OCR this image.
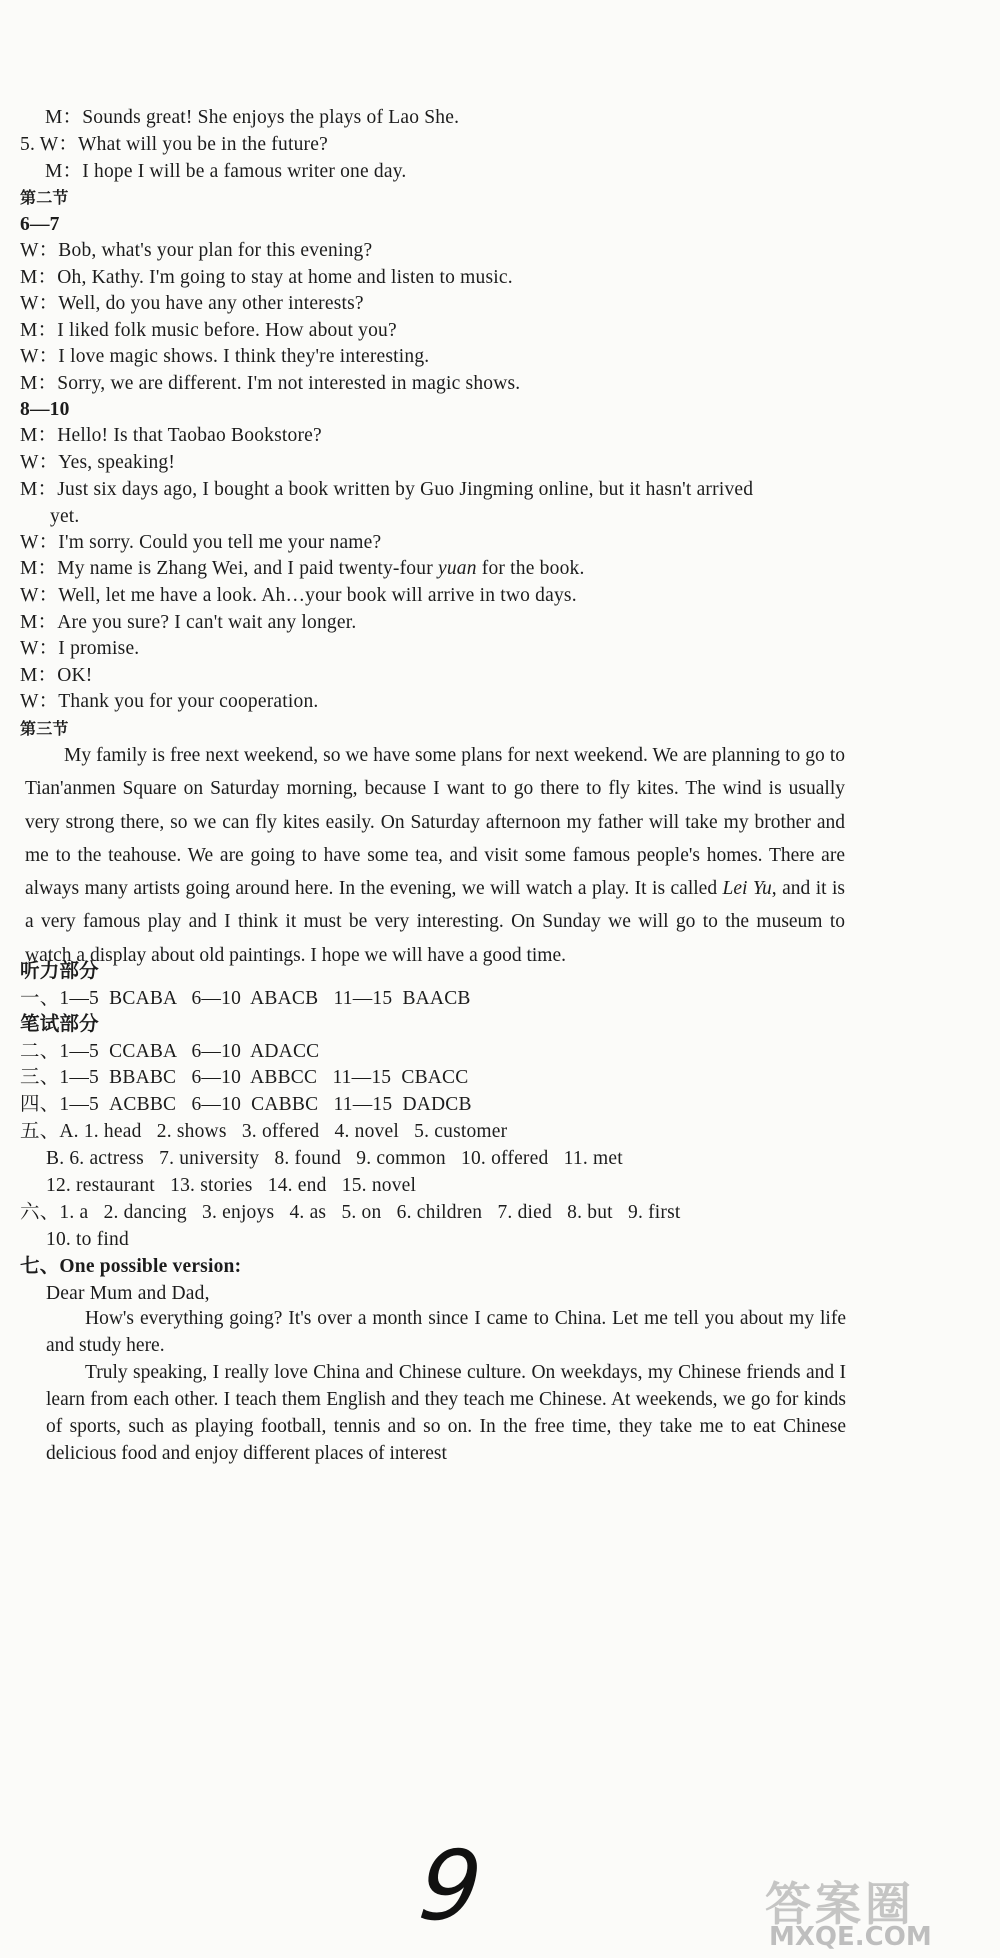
M：Sounds great! She enjoys the plays of Lao She.
5. W：What will you be in the future?
M：I hope I will be a famous writer one day.
第二节
6—7
W：Bob, what's your plan for this evening?
M：Oh, Kathy. I'm going to stay at home and listen to music.
W：Well, do you have any other interests?
M：I liked folk music before. How about you?
W：I love magic shows. I think they're interesting.
M：Sorry, we are different. I'm not interested in magic shows.
8—10
M：Hello! Is that Taobao Bookstore?
W：Yes, speaking!
M：Just six days ago, I bought a book written by Guo Jingming online, but it hasn't arrived
yet.
W：I'm sorry. Could you tell me your name?
M：My name is Zhang Wei, and I paid twenty-four yuan for the book.
W：Well, let me have a look. Ah…your book will arrive in two days.
M：Are you sure? I can't wait any longer.
W：I promise.
M：OK!
W：Thank you for your cooperation.
第三节

My family is free next weekend, so we have some plans for next weekend. We are planning to go to Tian'anmen Square on Saturday morning, because I want to go there to fly kites. The wind is usually very strong there, so we can fly kites easily. On Saturday afternoon my father will take my brother and me to the teahouse. We are going to have some tea, and visit some famous people's homes. There are always many artists going around here. In the evening, we will watch a play. It is called Lei Yu, and it is a very famous play and I think it must be very interesting. On Sunday we will go to the museum to watch a display about old paintings. I hope we will have a good time.

听力部分
一、1—5  BCABA   6—10  ABACB   11—15  BAACB
笔试部分
二、1—5  CCABA   6—10  ADACC
三、1—5  BBABC   6—10  ABBCC   11—15  CBACC
四、1—5  ACBBC   6—10  CABBC   11—15  DADCB
五、A. 1. head   2. shows   3. offered   4. novel   5. customer
B. 6. actress   7. university   8. found   9. common   10. offered   11. met
12. restaurant   13. stories   14. end   15. novel
六、1. a   2. dancing   3. enjoys   4. as   5. on   6. children   7. died   8. but   9. first
10. to find
七、One possible version:
Dear Mum and Dad,

How's everything going? It's over a month since I came to China. Let me tell you about my life and study here.

Truly speaking, I really love China and Chinese culture. On weekdays, my Chinese friends and I learn from each other. I teach them English and they teach me Chinese. At weekends, we go for kinds of sports, such as playing football, tennis and so on. In the free time, they take me to eat Chinese delicious food and enjoy different places of interest

9	答案圈
MXQE.COM
